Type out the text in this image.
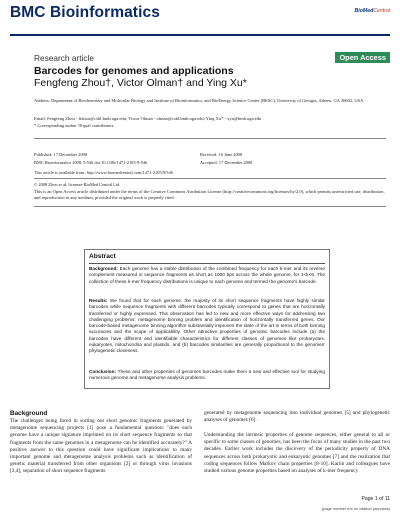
BMC Bioinformatics	BioMedCentral
Research article	Open Access
Barcodes for genomes and applications
Fengfeng Zhou†, Victor Olman† and Ying Xu*
Address: Department of Biochemistry and Molecular Biology and Institute of Bioinformatics, and BioEnergy Science Center (BESC), University of Georgia, Athens, GA 30602, USA
Email: Fengfeng Zhou - ffzhou@csbl.bmb.uga.edu; Victor Olman - olman@csbl.bmb.uga.edu; Ying Xu* - xyn@bmb.uga.edu
* Corresponding author †Equal contributors
Published: 17 December 2008
BMC Bioinformatics 2008, 9:546 doi:10.1186/1471-2105-9-546
Received: 16 June 2008
Accepted: 17 December 2008
This article is available from: http://www.biomedcentral.com/1471-2105/9/546
© 2008 Zhou et al; licensee BioMed Central Ltd.
This is an Open Access article distributed under the terms of the Creative Commons Attribution License (http://creativecommons.org/licenses/by/2.0), which permits unrestricted use, distribution, and reproduction in any medium, provided the original work is properly cited.
Abstract
Background: Each genome has a stable distribution of the combined frequency for each k-mer and its reverse complement measured in sequence fragments as short as 1000 bps across the whole genome, for 1<k<6. The collection of these k-mer frequency distributions is unique to each genome and termed the genome's barcode.
Results: We found that for each genome, the majority of its short sequence fragments have highly similar barcodes while sequence fragments with different barcodes typically correspond to genes that are horizontally transferred or highly expressed. This observation has led to new and more effective ways for addressing two challenging problems: metagenome binning problem and identification of horizontally transferred genes. Our barcode-based metagenome binning algorithm substantially improves the state of the art in terms of both binning accuracies and the scope of applicability. Other attractive properties of genomic barcodes include (a) the barcodes have different and identifiable characteristics for different classes of genomes like prokaryotes, eukaryotes, mitochondria and plastids, and (b) barcodes similarities are generally proportional to the genomes' phylogenetic closeness.
Conclusion: These and other properties of genomes barcodes make them a new and effective tool for studying numerous genome and metagenome analysis problems.
Background
The challenges being faced in sorting out short genomic fragments generated by metagenome sequencing projects [1] pose a fundamental question: "does each genome have a unique signature imprinted on its short sequence fragments so that fragments from the same genomes in a metagenome can be identified accurately?" A positive answer to this question could have significant implications to many important genome and metagenome analysis problems such as identification of genetic material transferred from other organisms [2] or through virus invasions [3,4], separation of short sequence fragments
generated by metagenome sequencing into individual genomes [5] and phylogenetic analyses of genomes [6].
Understanding the intrinsic properties of genome sequences, either general to all or specific to some classes of genomes, has been the focus of many studies in the past two decades. Earlier work includes the discovery of the periodicity property of DNA sequences across both prokaryotic and eukaryotic genomes [7] and the realization that coding sequences follow Markov chain properties [8-10]. Karlin and colleagues have studied various genome properties based on analyses of k-mer frequency
Page 1 of 11
(page number not for citation purposes)
